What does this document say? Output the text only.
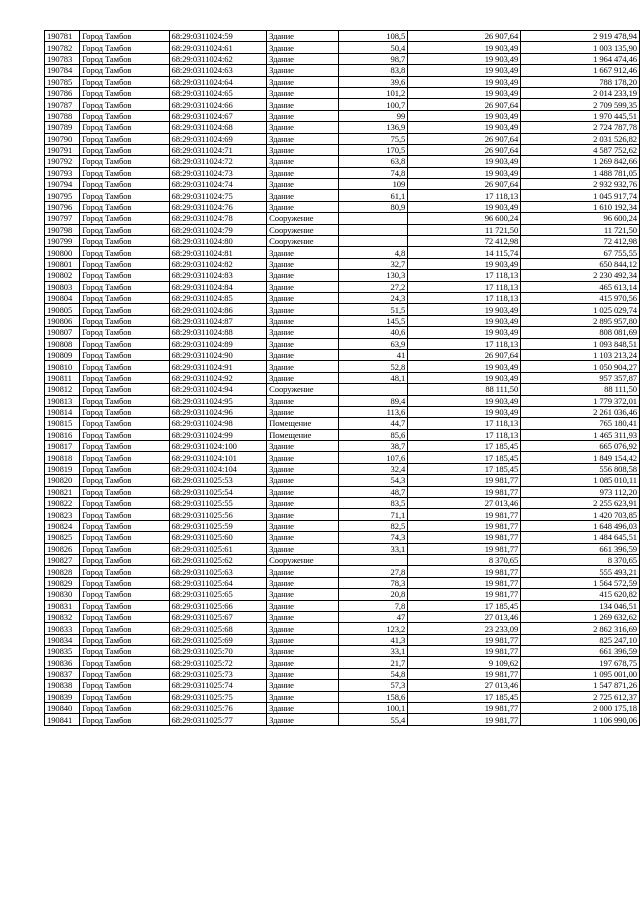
190781	Город Тамбов	68:29:0311024:59	Здание	108,5	26 907,64	2 919 478,94
190782	Город Тамбов	68:29:0311024:61	Здание	50,4	19 903,49	1 003 135,90
190783	Город Тамбов	68:29:0311024:62	Здание	98,7	19 903,49	1 964 474,46
190784	Город Тамбов	68:29:0311024:63	Здание	83,8	19 903,49	1 667 912,46
190785	Город Тамбов	68:29:0311024:64	Здание	39,6	19 903,49	788 178,20
190786	Город Тамбов	68:29:0311024:65	Здание	101,2	19 903,49	2 014 233,19
190787	Город Тамбов	68:29:0311024:66	Здание	100,7	26 907,64	2 709 599,35
190788	Город Тамбов	68:29:0311024:67	Здание	99	19 903,49	1 970 445,51
190789	Город Тамбов	68:29:0311024:68	Здание	136,9	19 903,49	2 724 787,78
190790	Город Тамбов	68:29:0311024:69	Здание	75,5	26 907,64	2 031 526,82
190791	Город Тамбов	68:29:0311024:71	Здание	170,5	26 907,64	4 587 752,62
190792	Город Тамбов	68:29:0311024:72	Здание	63,8	19 903,49	1 269 842,66
190793	Город Тамбов	68:29:0311024:73	Здание	74,8	19 903,49	1 488 781,05
190794	Город Тамбов	68:29:0311024:74	Здание	109	26 907,64	2 932 932,76
190795	Город Тамбов	68:29:0311024:75	Здание	61,1	17 118,13	1 045 917,74
190796	Город Тамбов	68:29:0311024:76	Здание	80,9	19 903,49	1 610 192,34
190797	Город Тамбов	68:29:0311024:78	Сооружение		96 600,24	96 600,24
190798	Город Тамбов	68:29:0311024:79	Сооружение		11 721,50	11 721,50
190799	Город Тамбов	68:29:0311024:80	Сооружение		72 412,98	72 412,98
190800	Город Тамбов	68:29:0311024:81	Здание	4,8	14 115,74	67 755,55
190801	Город Тамбов	68:29:0311024:82	Здание	32,7	19 903,49	650 844,12
190802	Город Тамбов	68:29:0311024:83	Здание	130,3	17 118,13	2 230 492,34
190803	Город Тамбов	68:29:0311024:84	Здание	27,2	17 118,13	465 613,14
190804	Город Тамбов	68:29:0311024:85	Здание	24,3	17 118,13	415 970,56
190805	Город Тамбов	68:29:0311024:86	Здание	51,5	19 903,49	1 025 029,74
190806	Город Тамбов	68:29:0311024:87	Здание	145,5	19 903,49	2 895 957,80
190807	Город Тамбов	68:29:0311024:88	Здание	40,6	19 903,49	808 081,69
190808	Город Тамбов	68:29:0311024:89	Здание	63,9	17 118,13	1 093 848,51
190809	Город Тамбов	68:29:0311024:90	Здание	41	26 907,64	1 103 213,24
190810	Город Тамбов	68:29:0311024:91	Здание	52,8	19 903,49	1 050 904,27
190811	Город Тамбов	68:29:0311024:92	Здание	48,1	19 903,49	957 357,87
190812	Город Тамбов	68:29:0311024:94	Сооружение		88 111,50	88 111,50
190813	Город Тамбов	68:29:0311024:95	Здание	89,4	19 903,49	1 779 372,01
190814	Город Тамбов	68:29:0311024:96	Здание	113,6	19 903,49	2 261 036,46
190815	Город Тамбов	68:29:0311024:98	Помещение	44,7	17 118,13	765 180,41
190816	Город Тамбов	68:29:0311024:99	Помещение	85,6	17 118,13	1 465 311,93
190817	Город Тамбов	68:29:0311024:100	Здание	38,7	17 185,45	665 076,92
190818	Город Тамбов	68:29:0311024:101	Здание	107,6	17 185,45	1 849 154,42
190819	Город Тамбов	68:29:0311024:104	Здание	32,4	17 185,45	556 808,58
190820	Город Тамбов	68:29:0311025:53	Здание	54,3	19 981,77	1 085 010,11
190821	Город Тамбов	68:29:0311025:54	Здание	48,7	19 981,77	973 112,20
190822	Город Тамбов	68:29:0311025:55	Здание	83,5	27 013,46	2 255 623,91
190823	Город Тамбов	68:29:0311025:56	Здание	71,1	19 981,77	1 420 703,85
190824	Город Тамбов	68:29:0311025:59	Здание	82,5	19 981,77	1 648 496,03
190825	Город Тамбов	68:29:0311025:60	Здание	74,3	19 981,77	1 484 645,51
190826	Город Тамбов	68:29:0311025:61	Здание	33,1	19 981,77	661 396,59
190827	Город Тамбов	68:29:0311025:62	Сооружение		8 370,65	8 370,65
190828	Город Тамбов	68:29:0311025:63	Здание	27,8	19 981,77	555 493,21
190829	Город Тамбов	68:29:0311025:64	Здание	78,3	19 981,77	1 564 572,59
190830	Город Тамбов	68:29:0311025:65	Здание	20,8	19 981,77	415 620,82
190831	Город Тамбов	68:29:0311025:66	Здание	7,8	17 185,45	134 046,51
190832	Город Тамбов	68:29:0311025:67	Здание	47	27 013,46	1 269 632,62
190833	Город Тамбов	68:29:0311025:68	Здание	123,2	23 233,09	2 862 316,69
190834	Город Тамбов	68:29:0311025:69	Здание	41,3	19 981,77	825 247,10
190835	Город Тамбов	68:29:0311025:70	Здание	33,1	19 981,77	661 396,59
190836	Город Тамбов	68:29:0311025:72	Здание	21,7	9 109,62	197 678,75
190837	Город Тамбов	68:29:0311025:73	Здание	54,8	19 981,77	1 095 001,00
190838	Город Тамбов	68:29:0311025:74	Здание	57,3	27 013,46	1 547 871,26
190839	Город Тамбов	68:29:0311025:75	Здание	158,6	17 185,45	2 725 612,37
190840	Город Тамбов	68:29:0311025:76	Здание	100,1	19 981,77	2 000 175,18
190841	Город Тамбов	68:29:0311025:77	Здание	55,4	19 981,77	1 106 990,06
